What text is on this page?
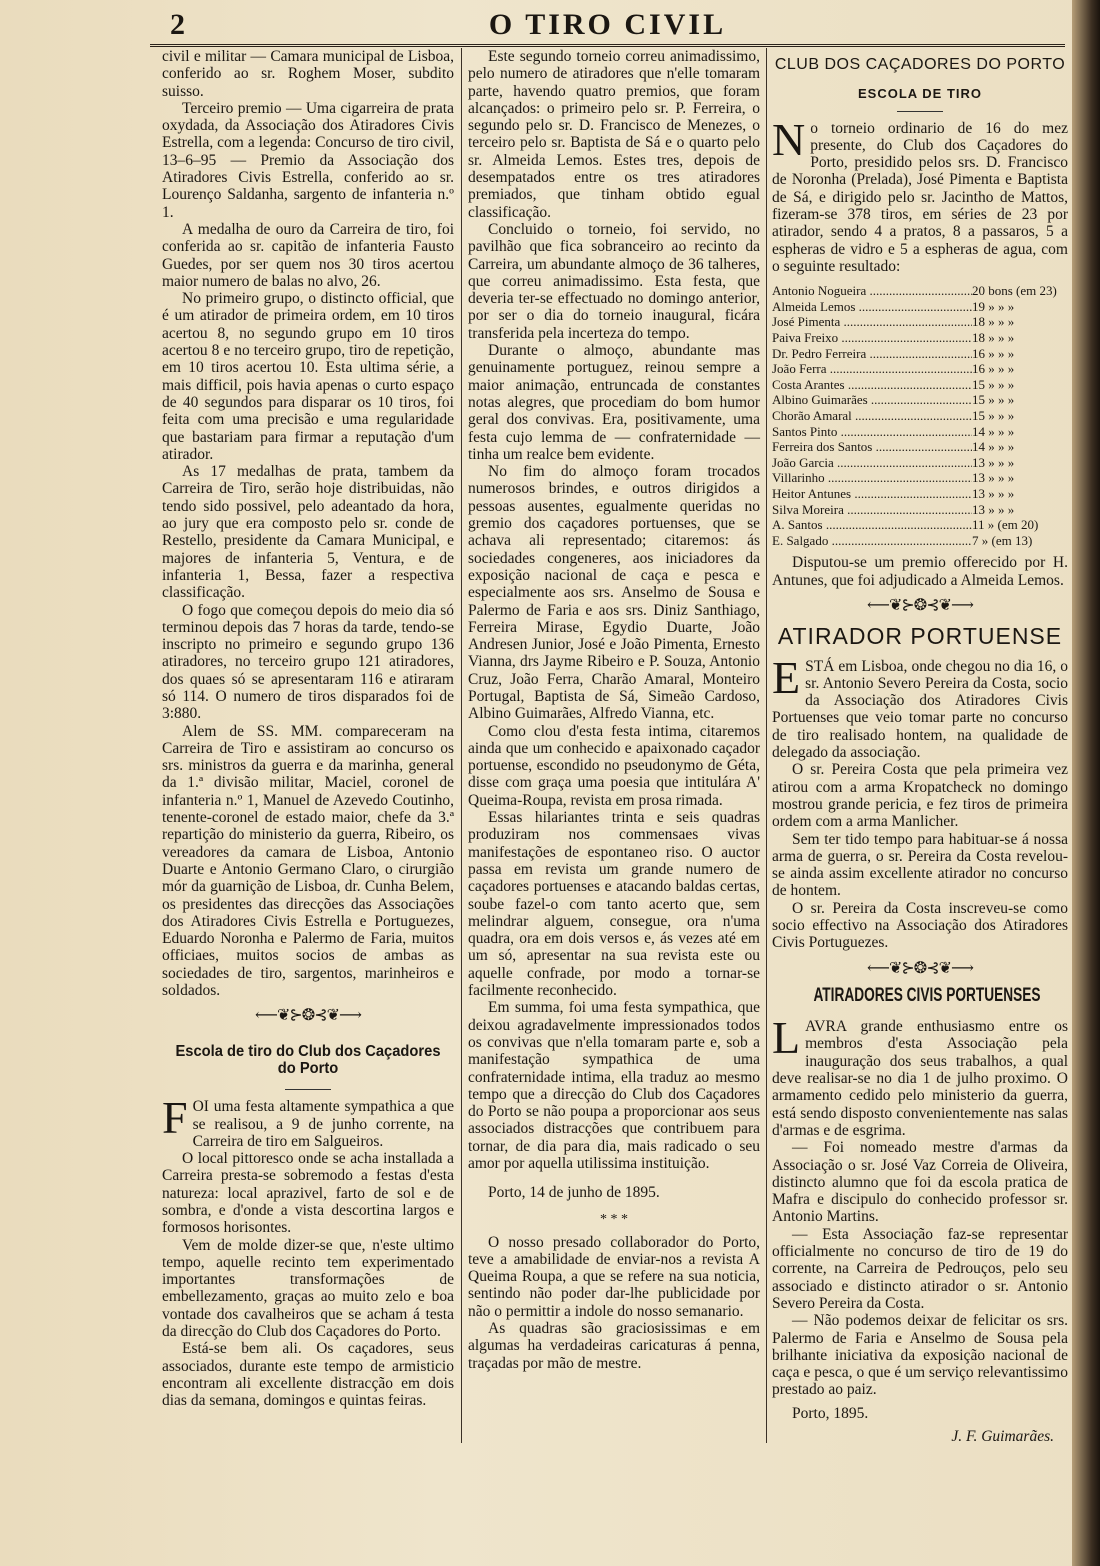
2	O TIRO CIVIL

civil e militar — Camara municipal de Lisboa, conferido ao sr. Roghem Moser, subdito suisso.

Terceiro premio — Uma cigarreira de prata oxydada, da Associação dos Atiradores Civis Estrella, com a legenda: Concurso de tiro civil, 13–6–95 — Premio da Associação dos Atiradores Civis Estrella, conferido ao sr. Lourenço Saldanha, sargento de infanteria n.º 1.

A medalha de ouro da Carreira de tiro, foi conferida ao sr. capitão de infanteria Fausto Guedes, por ser quem nos 30 tiros acertou maior numero de balas no alvo, 26.

No primeiro grupo, o distincto official, que é um atirador de primeira ordem, em 10 tiros acertou 8, no segundo grupo em 10 tiros acertou 8 e no terceiro grupo, tiro de repetição, em 10 tiros acertou 10. Esta ultima série, a mais difficil, pois havia apenas o curto espaço de 40 segundos para disparar os 10 tiros, foi feita com uma precisão e uma regularidade que bastariam para firmar a reputação d'um atirador.

As 17 medalhas de prata, tambem da Carreira de Tiro, serão hoje distribuidas, não tendo sido possivel, pelo adeantado da hora, ao jury que era composto pelo sr. conde de Restello, presidente da Camara Municipal, e majores de infanteria 5, Ventura, e de infanteria 1, Bessa, fazer a respectiva classificação.

O fogo que começou depois do meio dia só terminou depois das 7 horas da tarde, tendo-se inscripto no primeiro e segundo grupo 136 atiradores, no terceiro grupo 121 atiradores, dos quaes só se apresentaram 116 e atiraram só 114. O numero de tiros disparados foi de 3:880.

Alem de SS. MM. compareceram na Carreira de Tiro e assistiram ao concurso os srs. ministros da guerra e da marinha, general da 1.ª divisão militar, Maciel, coronel de infanteria n.º 1, Manuel de Azevedo Coutinho, tenente-coronel de estado maior, chefe da 3.ª repartição do ministerio da guerra, Ribeiro, os vereadores da camara de Lisboa, Antonio Duarte e Antonio Germano Claro, o cirurgião mór da guarnição de Lisboa, dr. Cunha Belem, os presidentes das direcções das Associações dos Atiradores Civis Estrella e Portuguezes, Eduardo Noronha e Palermo de Faria, muitos officiaes, muitos socios de ambas as sociedades de tiro, sargentos, marinheiros e soldados.

⟵❦⊱❂⊰❦⟶
Escola de tiro do Club dos Caçadores do Porto

FOI uma festa altamente sympathica a que se realisou, a 9 de junho corrente, na Carreira de tiro em Salgueiros.

O local pittoresco onde se acha installada a Carreira presta-se sobremodo a festas d'esta natureza: local aprazivel, farto de sol e de sombra, e d'onde a vista descortina largos e formosos horisontes.

Vem de molde dizer-se que, n'este ultimo tempo, aquelle recinto tem experimentado importantes transformações de embellezamento, graças ao muito zelo e boa vontade dos cavalheiros que se acham á testa da direcção do Club dos Caçadores do Porto.

Está-se bem ali. Os caçadores, seus associados, durante este tempo de armisticio encontram ali excellente distracção em dois dias da semana, domingos e quintas feiras.

Este segundo torneio correu animadissimo, pelo numero de atiradores que n'elle tomaram parte, havendo quatro premios, que foram alcançados: o primeiro pelo sr. P. Ferreira, o segundo pelo sr. D. Francisco de Menezes, o terceiro pelo sr. Baptista de Sá e o quarto pelo sr. Almeida Lemos. Estes tres, depois de desempatados entre os tres atiradores premiados, que tinham obtido egual classificação.

Concluido o torneio, foi servido, no pavilhão que fica sobranceiro ao recinto da Carreira, um abundante almoço de 36 talheres, que correu animadissimo. Esta festa, que deveria ter-se effectuado no domingo anterior, por ser o dia do torneio inaugural, ficára transferida pela incerteza do tempo.

Durante o almoço, abundante mas genuinamente portuguez, reinou sempre a maior animação, entruncada de constantes notas alegres, que procediam do bom humor geral dos convivas. Era, positivamente, uma festa cujo lemma de — confraternidade — tinha um realce bem evidente.

No fim do almoço foram trocados numerosos brindes, e outros dirigidos a pessoas ausentes, egualmente queridas no gremio dos caçadores portuenses, que se achava ali representado; citaremos: ás sociedades congeneres, aos iniciadores da exposição nacional de caça e pesca e especialmente aos srs. Anselmo de Sousa e Palermo de Faria e aos srs. Diniz Santhiago, Ferreira Mirase, Egydio Duarte, João Andresen Junior, José e João Pimenta, Ernesto Vianna, drs Jayme Ribeiro e P. Souza, Antonio Cruz, João Ferra, Charão Amaral, Monteiro Portugal, Baptista de Sá, Simeão Cardoso, Albino Guimarães, Alfredo Vianna, etc.

Como clou d'esta festa intima, citaremos ainda que um conhecido e apaixonado caçador portuense, escondido no pseudonymo de Géta, disse com graça uma poesia que intitulára A' Queima-Roupa, revista em prosa rimada.

Essas hilariantes trinta e seis quadras produziram nos commensaes vivas manifestações de espontaneo riso. O auctor passa em revista um grande numero de caçadores portuenses e atacando baldas certas, soube fazel-o com tanto acerto que, sem melindrar alguem, consegue, ora n'uma quadra, ora em dois versos e, ás vezes até em um só, apresentar na sua revista este ou aquelle confrade, por modo a tornar-se facilmente reconhecido.

Em summa, foi uma festa sympathica, que deixou agradavelmente impressionados todos os convivas que n'ella tomaram parte e, sob a manifestação sympathica de uma confraternidade intima, ella traduz ao mesmo tempo que a direcção do Club dos Caçadores do Porto se não poupa a proporcionar aos seus associados distracções que contribuem para tornar, de dia para dia, mais radicado o seu amor por aquella utilissima instituição.

Porto, 14 de junho de 1895.

* * *

O nosso presado collaborador do Porto, teve a amabilidade de enviar-nos a revista A Queima Roupa, a que se refere na sua noticia, sentindo não poder dar-lhe publicidade por não o permittir a indole do nosso semanario.

As quadras são graciosissimas e em algumas ha verdadeiras caricaturas á penna, traçadas por mão de mestre.

CLUB DOS CAÇADORES DO PORTO
ESCOLA DE TIRO

No torneio ordinario de 16 do mez presente, do Club dos Caçadores do Porto, presidido pelos srs. D. Francisco de Noronha (Prelada), José Pimenta e Baptista de Sá, e dirigido pelo sr. Jacintho de Mattos, fizeram-se 378 tiros, em séries de 23 por atirador, sendo 4 a pratos, 8 a passaros, 5 a espheras de vidro e 5 a espheras de agua, com o seguinte resultado:

Antonio Nogueira .....	20 bons (em 23)
Almeida Lemos .....	19 » » »
José Pimenta .....	18 » » »
Paiva Freixo .....	18 » » »
Dr. Pedro Ferreira .....	16 » » »
João Ferra .....	16 » » »
Costa Arantes .....	15 » » »
Albino Guimarães .....	15 » » »
Chorão Amaral .....	15 » » »
Santos Pinto .....	14 » » »
Ferreira dos Santos .....	14 » » »
João Garcia .....	13 » » »
Villarinho .....	13 » » »
Heitor Antunes .....	13 » » »
Silva Moreira .....	13 » » »
A. Santos .....	11 » (em 20)
E. Salgado .....	7 » (em 13)

Disputou-se um premio offerecido por H. Antunes, que foi adjudicado a Almeida Lemos.

⟵❦⊱❂⊰❦⟶
ATIRADOR PORTUENSE

ESTÁ em Lisboa, onde chegou no dia 16, o sr. Antonio Severo Pereira da Costa, socio da Associação dos Atiradores Civis Portuenses que veio tomar parte no concurso de tiro realisado hontem, na qualidade de delegado da associação.

O sr. Pereira Costa que pela primeira vez atirou com a arma Kropatcheck no domingo mostrou grande pericia, e fez tiros de primeira ordem com a arma Manlicher.

Sem ter tido tempo para habituar-se á nossa arma de guerra, o sr. Pereira da Costa revelou-se ainda assim excellente atirador no concurso de hontem.

O sr. Pereira da Costa inscreveu-se como socio effectivo na Associação dos Atiradores Civis Portuguezes.

⟵❦⊱❂⊰❦⟶
ATIRADORES CIVIS PORTUENSES

LAVRA grande enthusiasmo entre os membros d'esta Associação pela inauguração dos seus trabalhos, a qual deve realisar-se no dia 1 de julho proximo. O armamento cedido pelo ministerio da guerra, está sendo disposto convenientemente nas salas d'armas e de esgrima.

— Foi nomeado mestre d'armas da Associação o sr. José Vaz Correia de Oliveira, distincto alumno que foi da escola pratica de Mafra e discipulo do conhecido professor sr. Antonio Martins.

— Esta Associação faz-se representar officialmente no concurso de tiro de 19 do corrente, na Carreira de Pedrouços, pelo seu associado e distincto atirador o sr. Antonio Severo Pereira da Costa.

— Não podemos deixar de felicitar os srs. Palermo de Faria e Anselmo de Sousa pela brilhante iniciativa da exposição nacional de caça e pesca, o que é um serviço relevantissimo prestado ao paiz.

Porto, 1895.

J. F. Guimarães.
